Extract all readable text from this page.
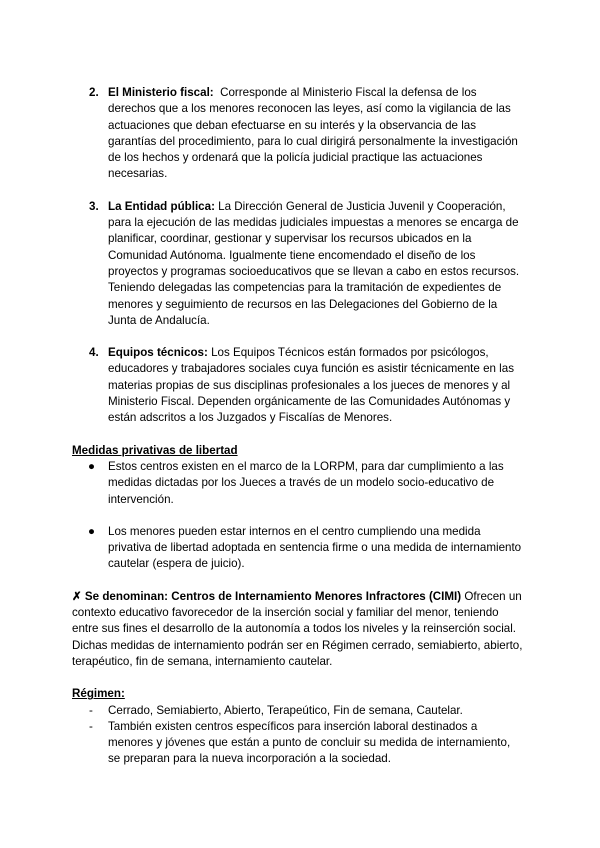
2. El Ministerio fiscal:  Corresponde al Ministerio Fiscal la defensa de los derechos que a los menores reconocen las leyes, así como la vigilancia de las actuaciones que deban efectuarse en su interés y la observancia de las garantías del procedimiento, para lo cual dirigirá personalmente la investigación de los hechos y ordenará que la policía judicial practique las actuaciones necesarias.
3. La Entidad pública: La Dirección General de Justicia Juvenil y Cooperación, para la ejecución de las medidas judiciales impuestas a menores se encarga de planificar, coordinar, gestionar y supervisar los recursos ubicados en la Comunidad Autónoma. Igualmente tiene encomendado el diseño de los proyectos y programas socioeducativos que se llevan a cabo en estos recursos. Teniendo delegadas las competencias para la tramitación de expedientes de menores y seguimiento de recursos en las Delegaciones del Gobierno de la Junta de Andalucía.
4. Equipos técnicos: Los Equipos Técnicos están formados por psicólogos, educadores y trabajadores sociales cuya función es asistir técnicamente en las materias propias de sus disciplinas profesionales a los jueces de menores y al Ministerio Fiscal. Dependen orgánicamente de las Comunidades Autónomas y están adscritos a los Juzgados y Fiscalías de Menores.
Medidas privativas de libertad
● Estos centros existen en el marco de la LORPM, para dar cumplimiento a las medidas dictadas por los Jueces a través de un modelo socio-educativo de intervención.
● Los menores pueden estar internos en el centro cumpliendo una medida privativa de libertad adoptada en sentencia firme o una medida de internamiento cautelar (espera de juicio).
✗ Se denominan: Centros de Internamiento Menores Infractores (CIMI) Ofrecen un contexto educativo favorecedor de la inserción social y familiar del menor, teniendo entre sus fines el desarrollo de la autonomía a todos los niveles y la reinserción social. Dichas medidas de internamiento podrán ser en Régimen cerrado, semiabierto, abierto, terapéutico, fin de semana, internamiento cautelar.
Régimen:
- Cerrado, Semiabierto, Abierto, Terapeútico, Fin de semana, Cautelar.
- También existen centros específicos para inserción laboral destinados a menores y jóvenes que están a punto de concluir su medida de internamiento, se preparan para la nueva incorporación a la sociedad.
